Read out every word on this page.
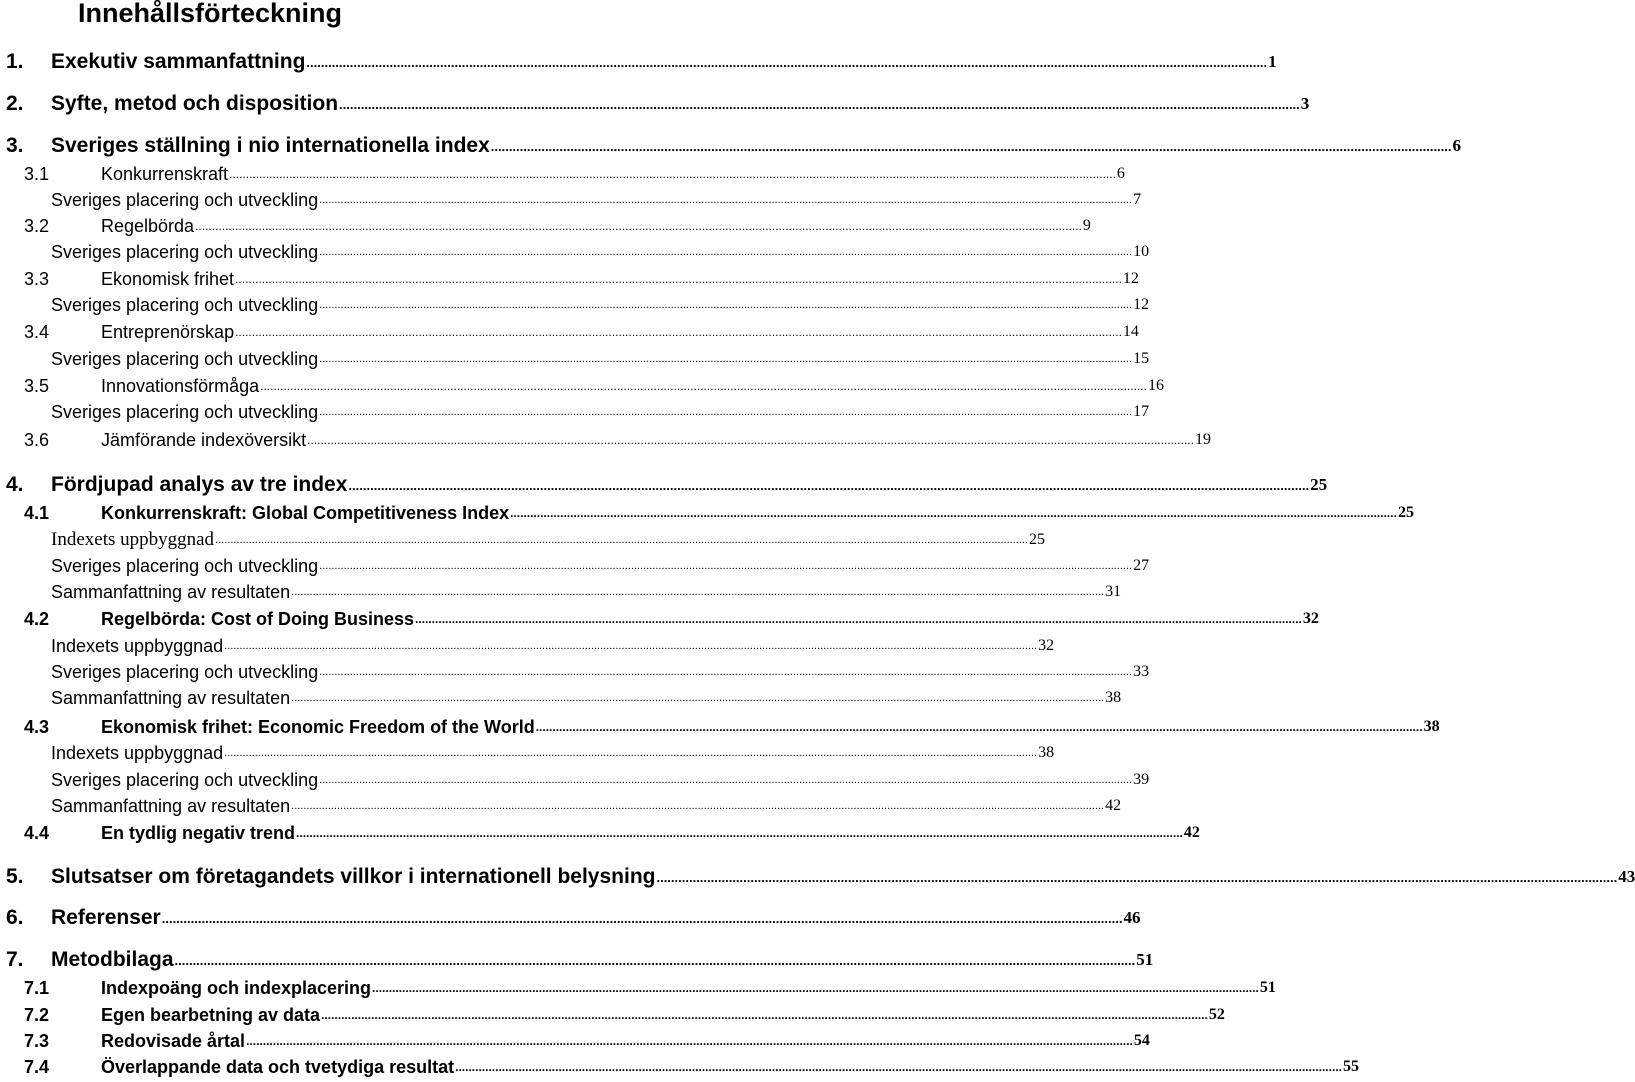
Innehållsförteckning
1. Exekutiv sammanfattning .......................................................................................................................................................................................................................................................................... 1
2. Syfte, metod och disposition .......................................................................................................................................................................................................................................................................... 3
3. Sveriges ställning i nio internationella index .......................................................................................................................................................................................................................................................................... 6
3.1	Konkurrenskraft .......................................................................................................................................................................................................................................................................... 6
Sveriges placering och utveckling .......................................................................................................................................................................................................................................................................... 7
3.2	Regelbörda .......................................................................................................................................................................................................................................................................... 9
Sveriges placering och utveckling .......................................................................................................................................................................................................................................................................... 10
3.3	Ekonomisk frihet .......................................................................................................................................................................................................................................................................... 12
Sveriges placering och utveckling .......................................................................................................................................................................................................................................................................... 12
3.4	Entreprenörskap .......................................................................................................................................................................................................................................................................... 14
Sveriges placering och utveckling .......................................................................................................................................................................................................................................................................... 15
3.5	Innovationsförmåga .......................................................................................................................................................................................................................................................................... 16
Sveriges placering och utveckling .......................................................................................................................................................................................................................................................................... 17
3.6	Jämförande indexöversikt .......................................................................................................................................................................................................................................................................... 19
4. Fördjupad analys av tre index .......................................................................................................................................................................................................................................................................... 25
4.1	Konkurrenskraft: Global Competitiveness Index .......................................................................................................................................................................................................................................................................... 25
Indexets uppbyggnad .......................................................................................................................................................................................................................................................................... 25
Sveriges placering och utveckling .......................................................................................................................................................................................................................................................................... 27
Sammanfattning av resultaten .......................................................................................................................................................................................................................................................................... 31
4.2	Regelbörda: Cost of Doing Business .......................................................................................................................................................................................................................................................................... 32
Indexets uppbyggnad .......................................................................................................................................................................................................................................................................... 32
Sveriges placering och utveckling .......................................................................................................................................................................................................................................................................... 33
Sammanfattning av resultaten .......................................................................................................................................................................................................................................................................... 38
4.3	Ekonomisk frihet: Economic Freedom of the World .......................................................................................................................................................................................................................................................................... 38
Indexets uppbyggnad .......................................................................................................................................................................................................................................................................... 38
Sveriges placering och utveckling .......................................................................................................................................................................................................................................................................... 39
Sammanfattning av resultaten .......................................................................................................................................................................................................................................................................... 42
4.4	En tydlig negativ trend .......................................................................................................................................................................................................................................................................... 42
5. Slutsatser om företagandets villkor i internationell belysning .......................................................................................................................................................................................................................................................................... 43
6. Referenser .......................................................................................................................................................................................................................................................................... 46
7. Metodbilaga .......................................................................................................................................................................................................................................................................... 51
7.1	Indexpoäng och indexplacering .......................................................................................................................................................................................................................................................................... 51
7.2	Egen bearbetning av data .......................................................................................................................................................................................................................................................................... 52
7.3	Redovisade årtal .......................................................................................................................................................................................................................................................................... 54
7.4	Överlappande data och tvetydiga resultat .......................................................................................................................................................................................................................................................................... 55
